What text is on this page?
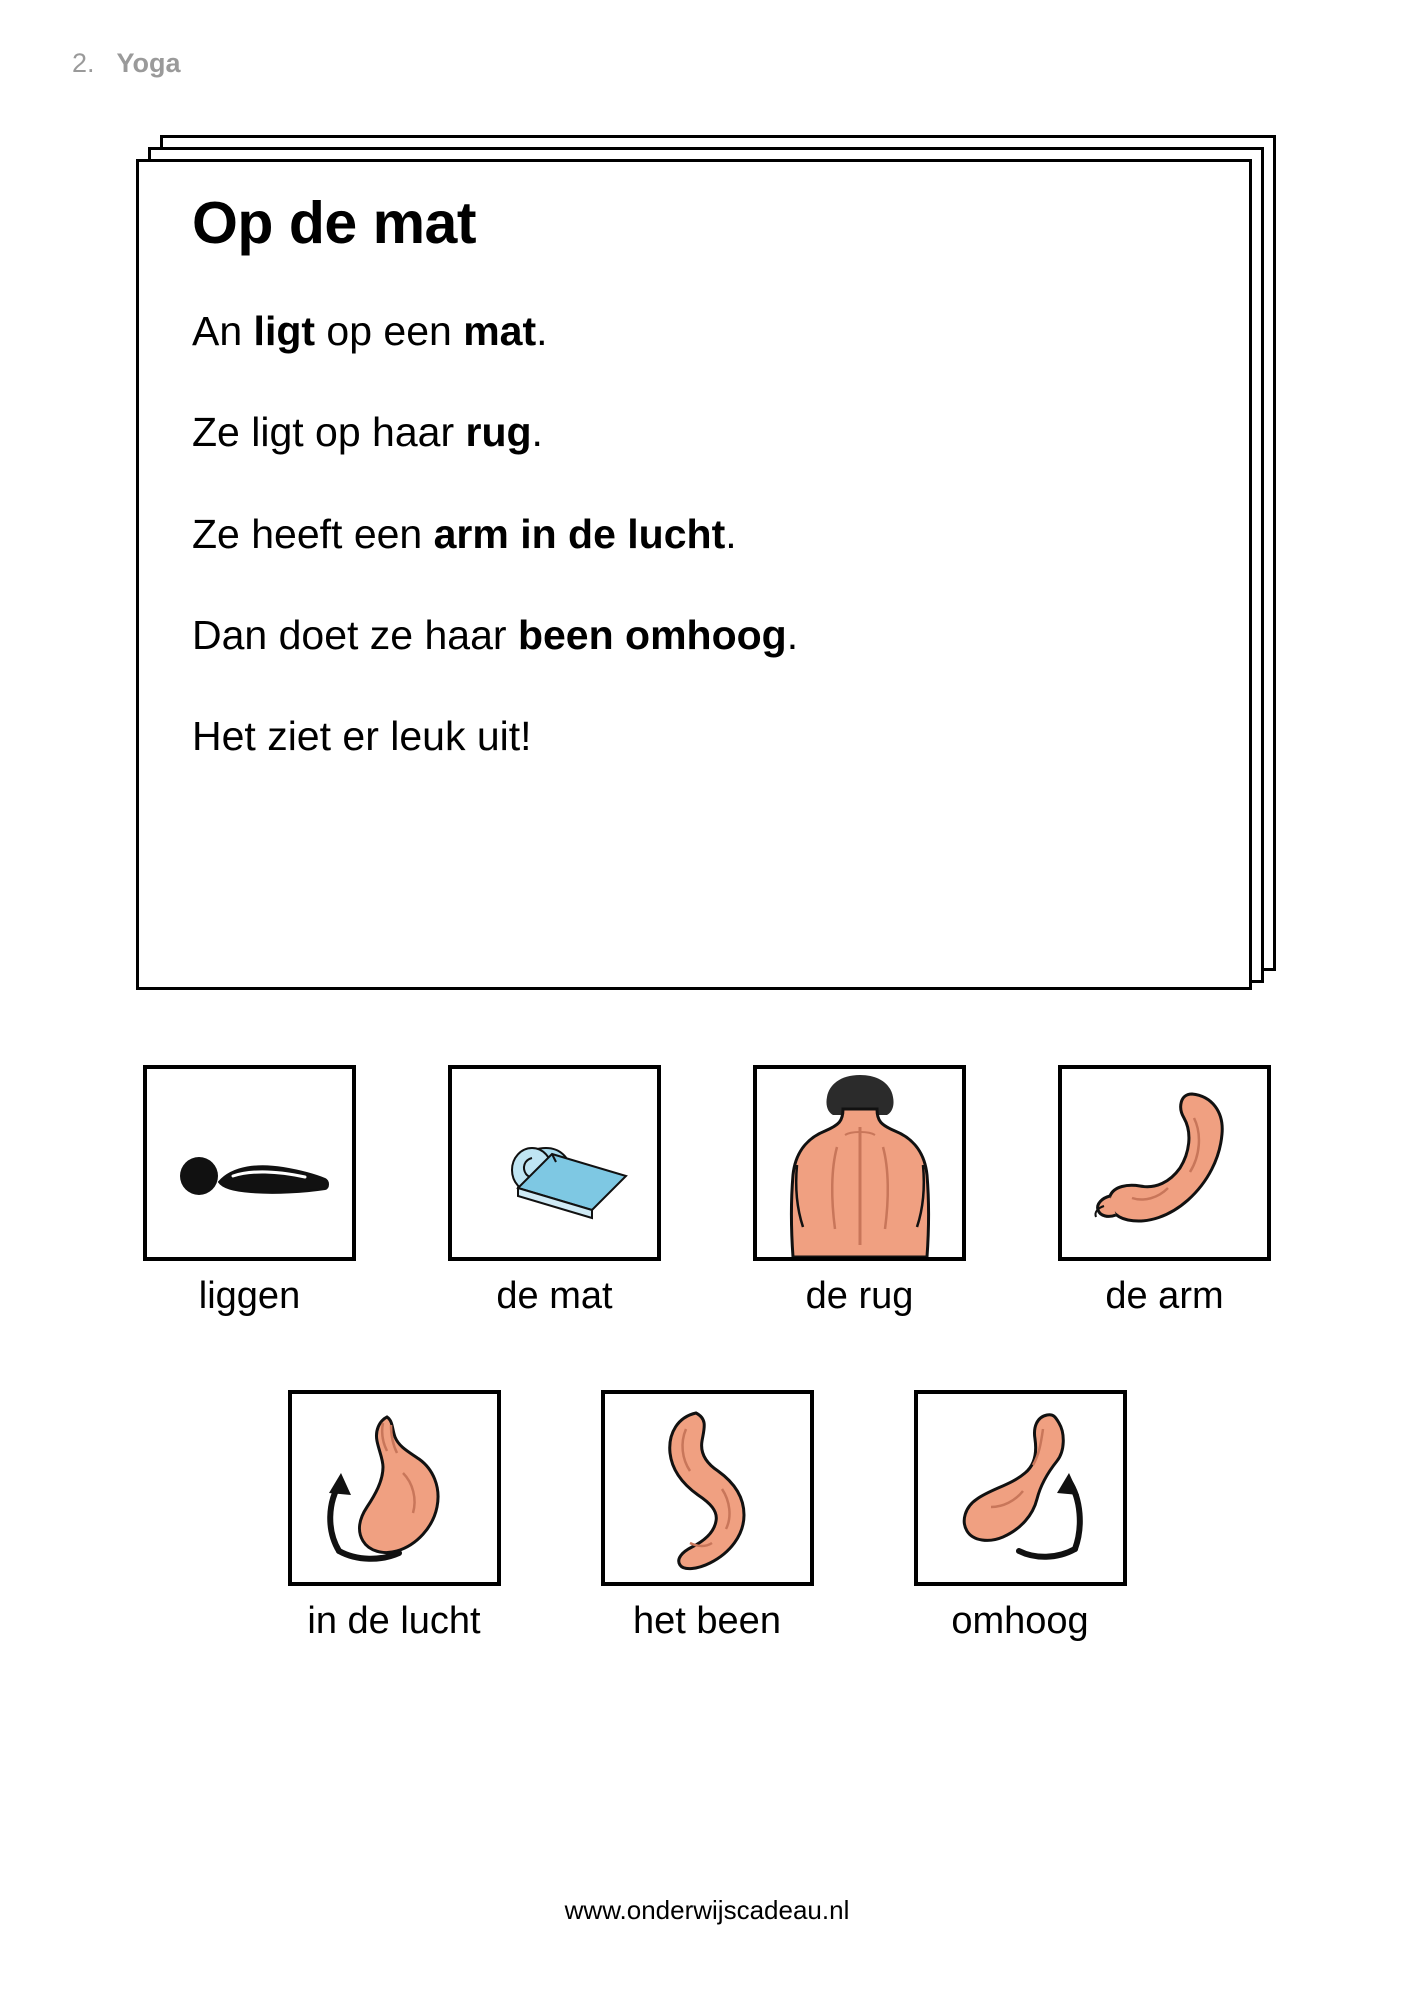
2. Yoga
Op de mat

An ligt op een mat.

Ze ligt op haar rug.

Ze heeft een arm in de lucht.

Dan doet ze haar been omhoog.

Het ziet er leuk uit!

liggen	de mat	de rug	de arm
in de lucht	het been	omhoog
www.onderwijscadeau.nl
